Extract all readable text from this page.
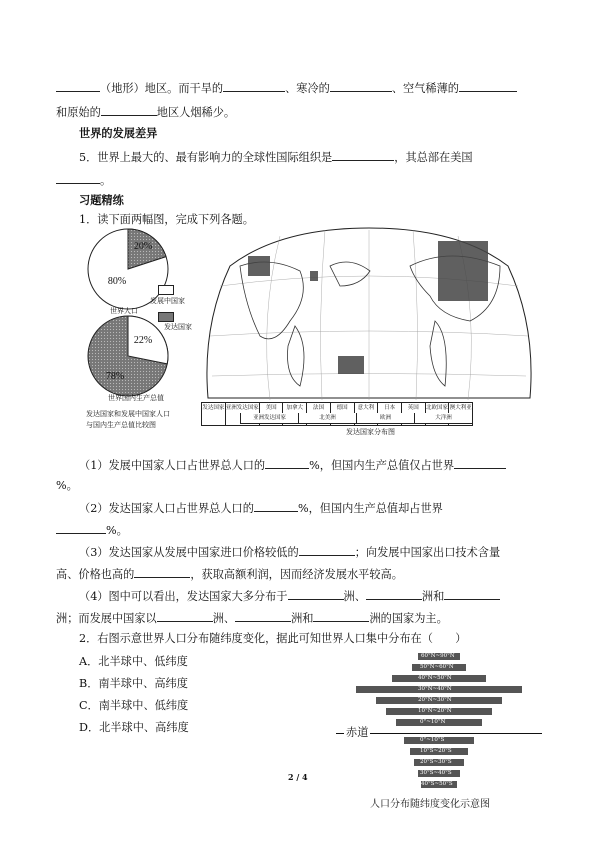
（地形）地区。而干旱的	、寒冷的	、空气稀薄的
和原始的	地区人烟稀少。
世界的发展差异
5．世界上最大的、最有影响力的全球性国际组织是	，其总部在美国
。
习题精练
1．读下面两幅图，完成下列各题。
20%
80%
世界人口
发展中国家
发达国家
22%
78%
世界国内生产总值
发达国家和发展中国家人口
与国内生产总值比较图
发达国家 亚洲发达国家	美国	加拿大	法国	德国	意大利	日本	英国	北欧国家 澳大利亚
亚洲发达国家	北美洲	欧洲	大洋洲
发达国家分布图
（1）发展中国家人口占世界总人口的	%，但国内生产总值仅占世界
%。
（2）发达国家人口占世界总人口的	%，但国内生产总值却占世界
%。
（3）发达国家从发展中国家进口价格较低的	；向发展中国家出口技术含量
高、价格也高的	，获取高额利润，因而经济发展水平较高。
（4）图中可以看出，发达国家大多分布于	洲、	洲和
洲；而发展中国家以	洲、	洲和	洲的国家为主。
2．右图示意世界人口分布随纬度变化，据此可知世界人口集中分布在（　　）
A．北半球中、低纬度
B．南半球中、高纬度
C．南半球中、低纬度
D．北半球中、高纬度
60°N~90°N
50°N~60°N
40°N~50°N
30°N~40°N
20°N~30°N
10°N~20°N
0°~10°N
赤道
0°~10°S
10°S~20°S
20°S~30°S
30°S~40°S
40°S~50°S
人口分布随纬度变化示意图
2 / 4
